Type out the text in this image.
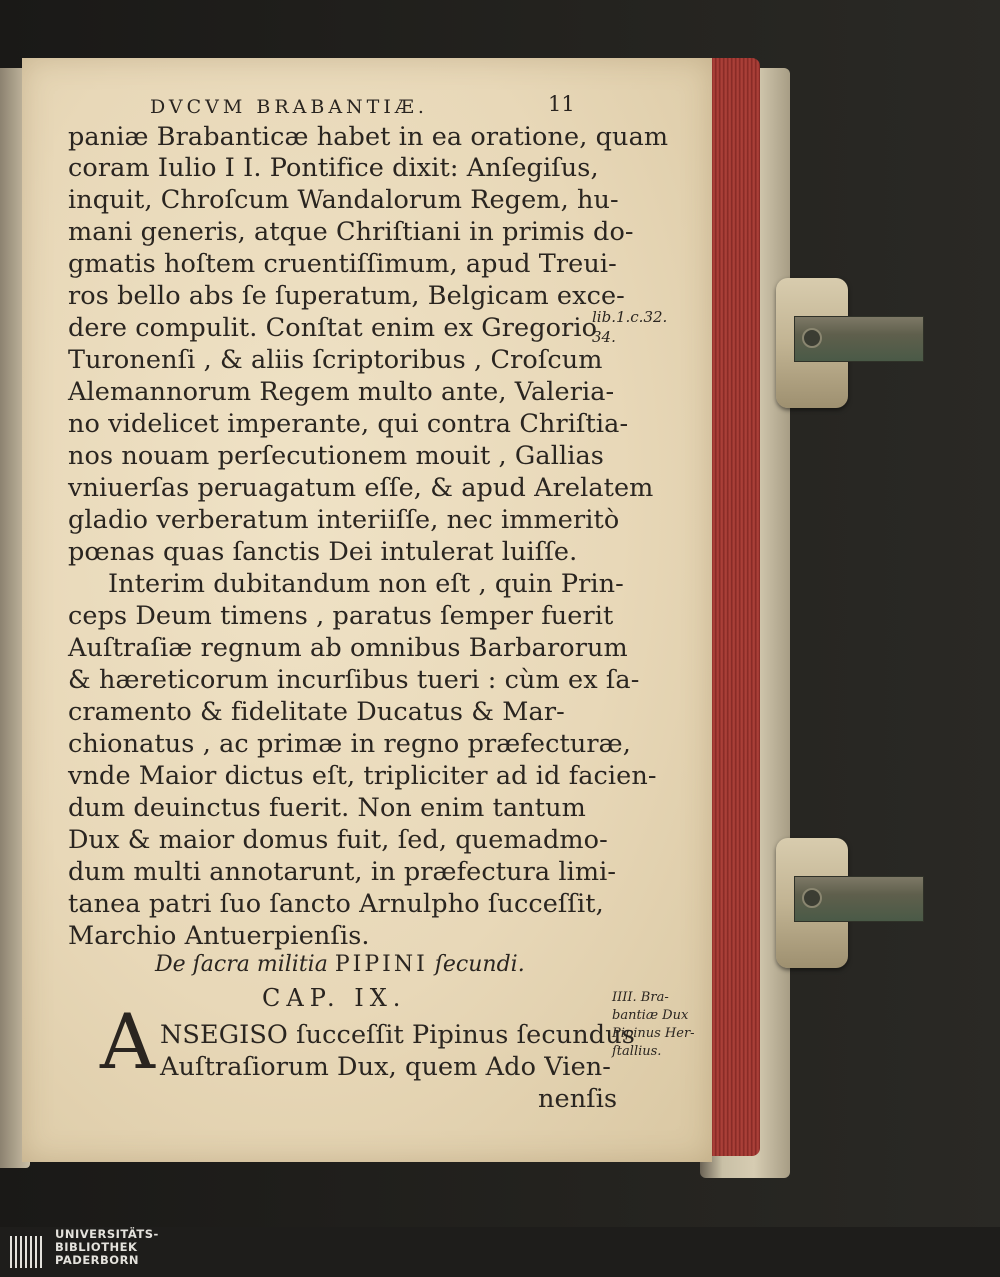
DVCVM BRABANTIÆ.	11
paniæ Brabanticæ habet in ea oratione, quam
coram Iulio I I. Pontifice dixit: Anſegiſus,
inquit, Chroſcum Wandalorum Regem, hu-
mani generis, atque Chriſtiani in primis do-
gmatis hoſtem cruentiſſimum, apud Treui-
ros bello abs ſe ſuperatum, Belgicam exce-
dere compulit. Conſtat enim ex Gregorio
Turonenſi , & aliis ſcriptoribus , Croſcum
Alemannorum Regem multo ante, Valeria-
no videlicet imperante, qui contra Chriſtia-
nos nouam perſecutionem mouit , Gallias
vniuerſas peruagatum eſſe, & apud Arelatem
gladio verberatum interiiſſe, nec immeritò
pœnas quas ſanctis Dei intulerat luiſſe.
Interim dubitandum non eſt , quin Prin-
ceps Deum timens , paratus ſemper fuerit
Auſtraſiæ regnum ab omnibus Barbarorum
& hæreticorum incurſibus tueri : cùm ex ſa-
cramento & fidelitate Ducatus & Mar-
chionatus , ac primæ in regno præfecturæ,
vnde Maior dictus eſt, tripliciter ad id facien-
dum deuinctus fuerit. Non enim tantum
Dux & maior domus fuit, ſed, quemadmo-
dum multi annotarunt, in præfectura limi-
tanea patri ſuo ſancto Arnulpho ſucceſſit,
Marchio Antuerpienſis.
lib.1.c.32.
34.
De ſacra militia PIPINI ſecundi.
CAP. IX.
A NSEGISO ſucceſſit Pipinus ſecundus
Auſtraſiorum Dux, quem Ado Vien-
nenſis
IIII. Bra-
bantiæ Dux
Pipinus Her-
ſtallius.
UNIVERSITÄTS-
BIBLIOTHEK
PADERBORN
